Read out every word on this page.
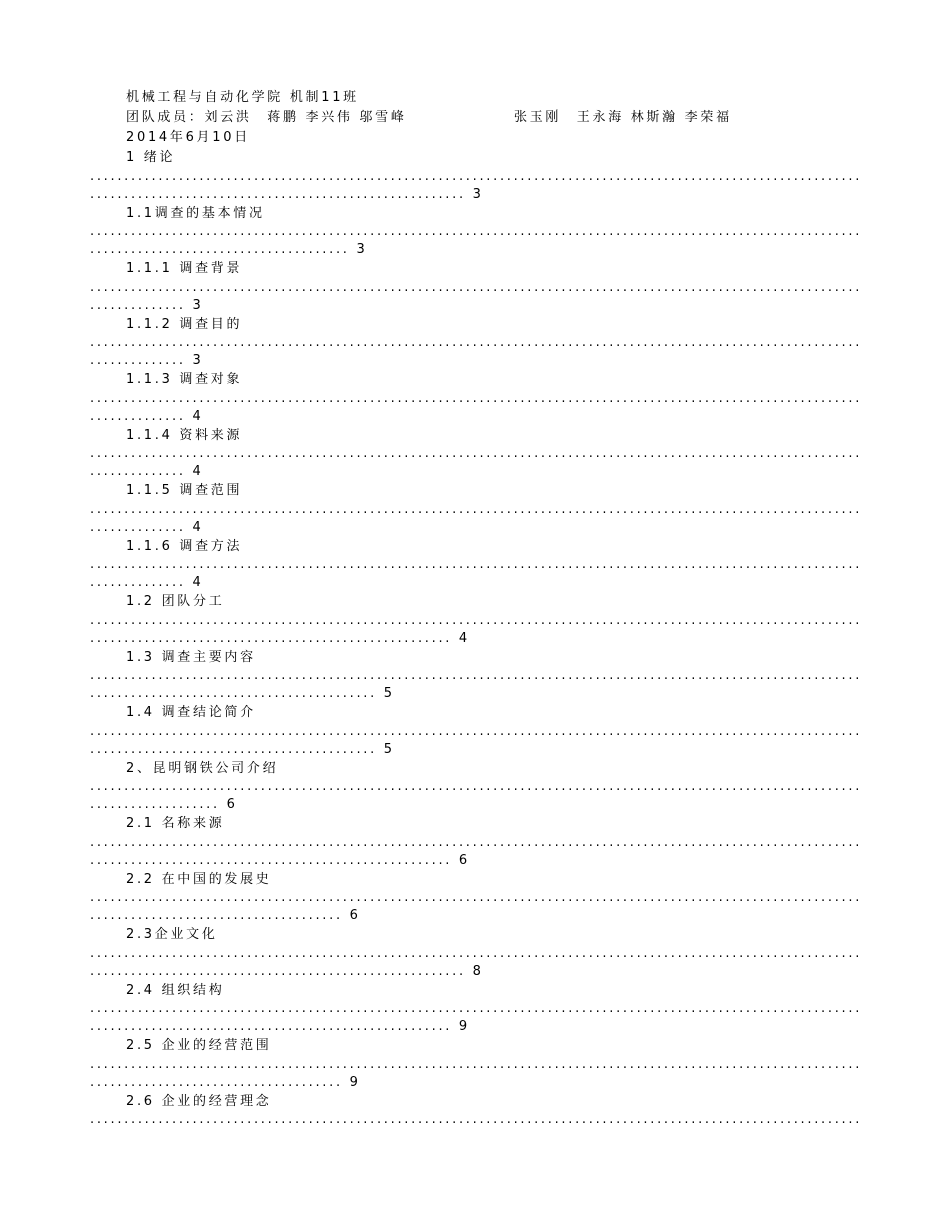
机械工程与自动化学院 机制11班
团队成员：刘云洪　蒋鹏 李兴伟 邬雪峰	张玉刚　王永海 林斯瀚 李荣福
2014年6月10日
1 绪论
.....
.....
3
1.1调查的基本情况
.....
.....
3
1.1.1 调查背景
.....
.....
3
1.1.2 调查目的
.....
.....
3
1.1.3 调查对象
.....
.....
4
1.1.4 资料来源
.....
.....
4
1.1.5 调查范围
.....
.....
4
1.1.6 调查方法
.....
.....
4
1.2 团队分工
.....
.....
4
1.3 调查主要内容
.....
.....
5
1.4 调查结论简介
.....
.....
5
2、昆明钢铁公司介绍
.....
.....
6
2.1 名称来源
.....
.....
6
2.2 在中国的发展史
.....
.....
6
2.3企业文化
.....
.....
8
2.4 组织结构
.....
.....
9
2.5 企业的经营范围
.....
.....
9
2.6 企业的经营理念
.....
